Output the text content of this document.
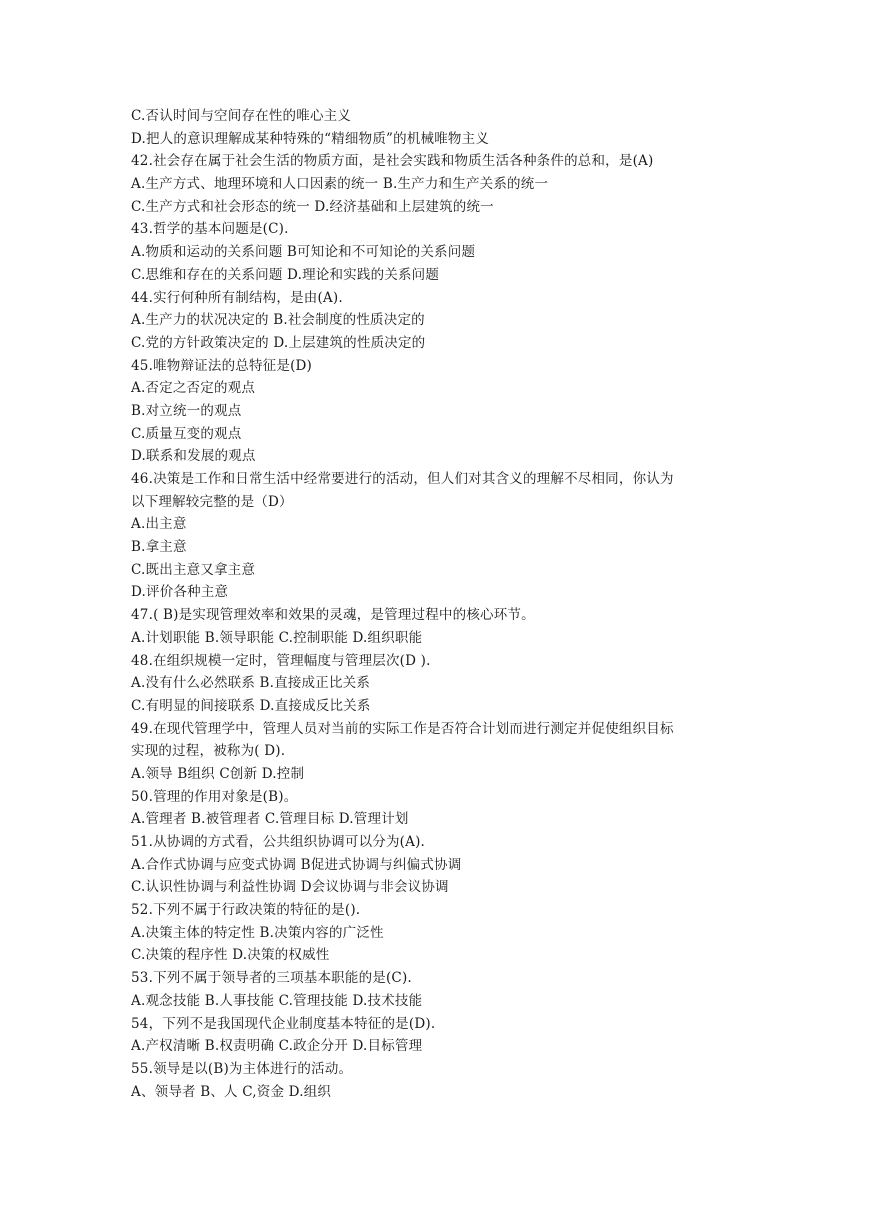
C.否认时间与空间存在性的唯心主义
D.把人的意识理解成某种特殊的“精细物质”的机械唯物主义
42.社会存在属于社会生活的物质方面，是社会实践和物质生活各种条件的总和，是(A)
A.生产方式、地理环境和人口因素的统一 B.生产力和生产关系的统一
C.生产方式和社会形态的统一 D.经济基础和上层建筑的统一
43.哲学的基本问题是(C).
A.物质和运动的关系问题 B可知论和不可知论的关系问题
C.思维和存在的关系问题 D.理论和实践的关系问题
44.实行何种所有制结构，是由(A).
A.生产力的状况决定的 B.社会制度的性质决定的
C.党的方针政策决定的 D.上层建筑的性质决定的
45.唯物辩证法的总特征是(D)
A.否定之否定的观点
B.对立统一的观点
C.质量互变的观点
D.联系和发展的观点
46.决策是工作和日常生活中经常要进行的活动，但人们对其含义的理解不尽相同，你认为
以下理解较完整的是（D）
A.出主意
B.拿主意
C.既出主意又拿主意
D.评价各种主意
47.( B)是实现管理效率和效果的灵魂，是管理过程中的核心环节。
A.计划职能 B.领导职能 C.控制职能 D.组织职能
48.在组织规模一定时，管理幅度与管理层次(D ).
A.没有什么必然联系 B.直接成正比关系
C.有明显的间接联系 D.直接成反比关系
49.在现代管理学中，管理人员对当前的实际工作是否符合计划而进行测定并促使组织目标
实现的过程，被称为( D).
A.领导 B组织 C创新 D.控制
50.管理的作用对象是(B)。
A.管理者 B.被管理者 C.管理目标 D.管理计划
51.从协调的方式看，公共组织协调可以分为(A).
A.合作式协调与应变式协调 B促进式协调与纠偏式协调
C.认识性协调与利益性协调 D会议协调与非会议协调
52.下列不属于行政决策的特征的是().
A.决策主体的特定性 B.决策内容的广泛性
C.决策的程序性 D.决策的权威性
53.下列不属于领导者的三项基本职能的是(C).
A.观念技能 B.人事技能 C.管理技能 D.技术技能
54，下列不是我国现代企业制度基本特征的是(D).
A.产权清晰 B.权责明确 C.政企分开 D.目标管理
55.领导是以(B)为主体进行的活动。
A、领导者 B、人 C,资金 D.组织
